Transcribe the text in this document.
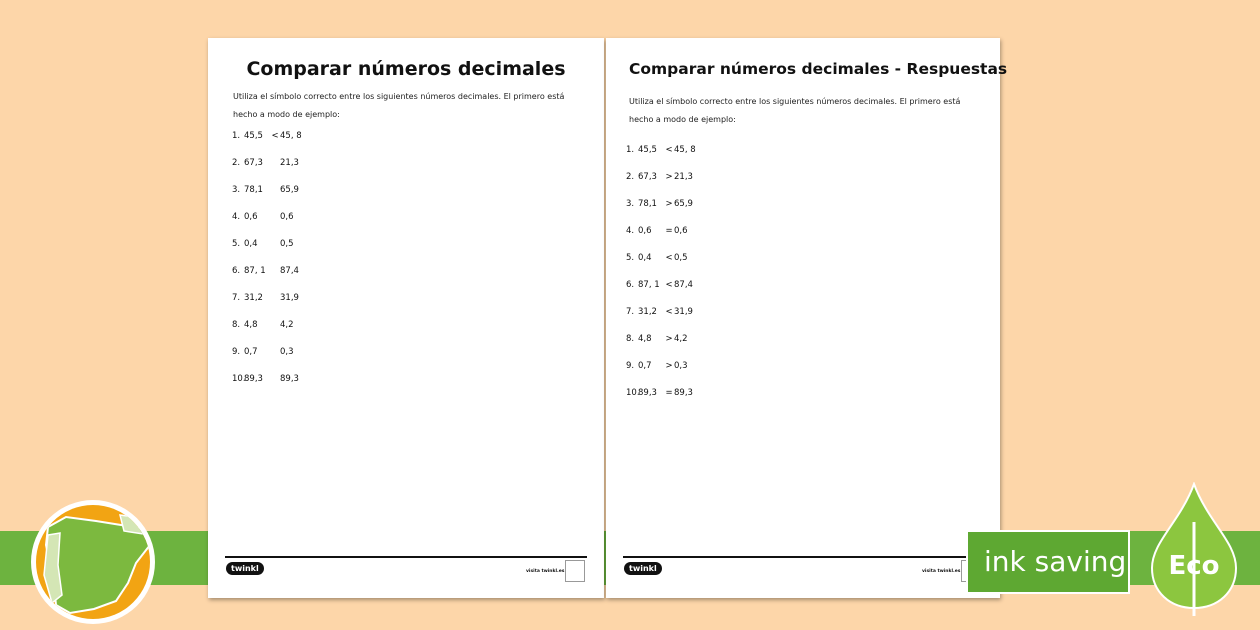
Comparar números decimales
Utiliza el símbolo correcto entre los siguientes números decimales. El primero está hecho a modo de ejemplo:
1. 45,5 <45, 8
2. 67,3 21,3
3. 78,1 65,9
4. 0,6	0,6
5. 0,4	0,5
6. 87, 1 87,4
7. 31,2 31,9
8. 4,8	4,2
9. 0,7	0,3
10.89,3 89,3
twinkl	visita twinkl.es
Comparar números decimales - Respuestas
Utiliza el símbolo correcto entre los siguientes números decimales. El primero está hecho a modo de ejemplo:
1. 45,5 <45, 8
2. 67,3 >21,3
3. 78,1 >65,9
4. 0,6 =0,6
5. 0,4 <0,5
6. 87, 1 <87,4
7. 31,2 <31,9
8. 4,8 >4,2
9. 0,7 >0,3
10.89,3 =89,3
twinkl	visita twinkl.es ink saving Eco
